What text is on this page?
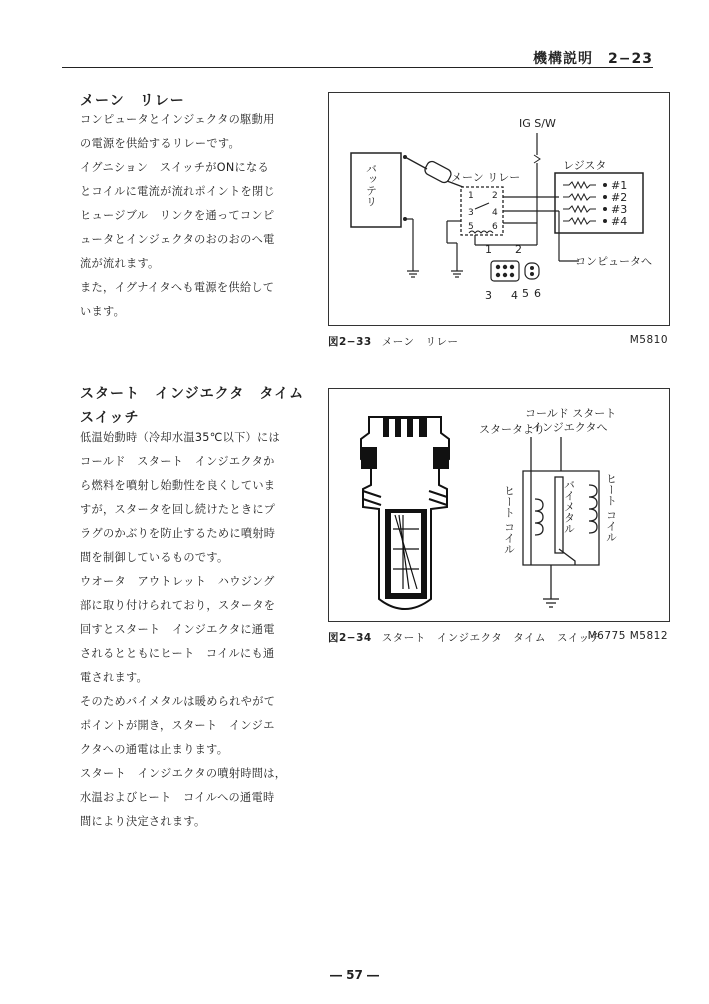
機構説明　2−23
メーン　リレー

コンピュータとインジェクタの駆動用

の電源を供給するリレーです。

イグニション　スイッチがONになる

とコイルに電流が流れポイントを閉じ

ヒュージブル　リンクを通ってコンピ

ュータとインジェクタのおのおのへ電

流が流れます。

また，イグナイタへも電源を供給して

います。

スタート　インジエクタ　タイム
スイッチ

低温始動時（冷却水温35℃以下）には

コールド　スタート　インジエクタか

ら燃料を噴射し始動性を良くしていま

すが，スタータを回し続けたときにプ

ラグのかぶりを防止するために噴射時

間を制御しているものです。

ウオータ　アウトレット　ハウジング

部に取り付けられており，スタータを

回すとスタート　インジエクタに通電

されるとともにヒート　コイルにも通

電されます。

そのためバイメタルは暖められやがて

ポイントが開き，スタート　インジエ

クタへの通電は止まります。

スタート　インジエクタの噴射時間は，

水温およびヒート　コイルへの通電時

間により決定されます。

バッテリ	メーン リレー
1 2
3 4
5 6
IG S/W
レジスタ
#1
#2
#3
#4
コンピュータへ
1 2
3 4 5 6
図2−33 メーン　リレー	M5810
スタータより
コールド スタート
インジエクタへ
ヒート コイル	バイメタル	ヒート コイル
図2−34 スタート　インジエクタ　タイム　スイッチ
M6775 M5812
― 57 ―
